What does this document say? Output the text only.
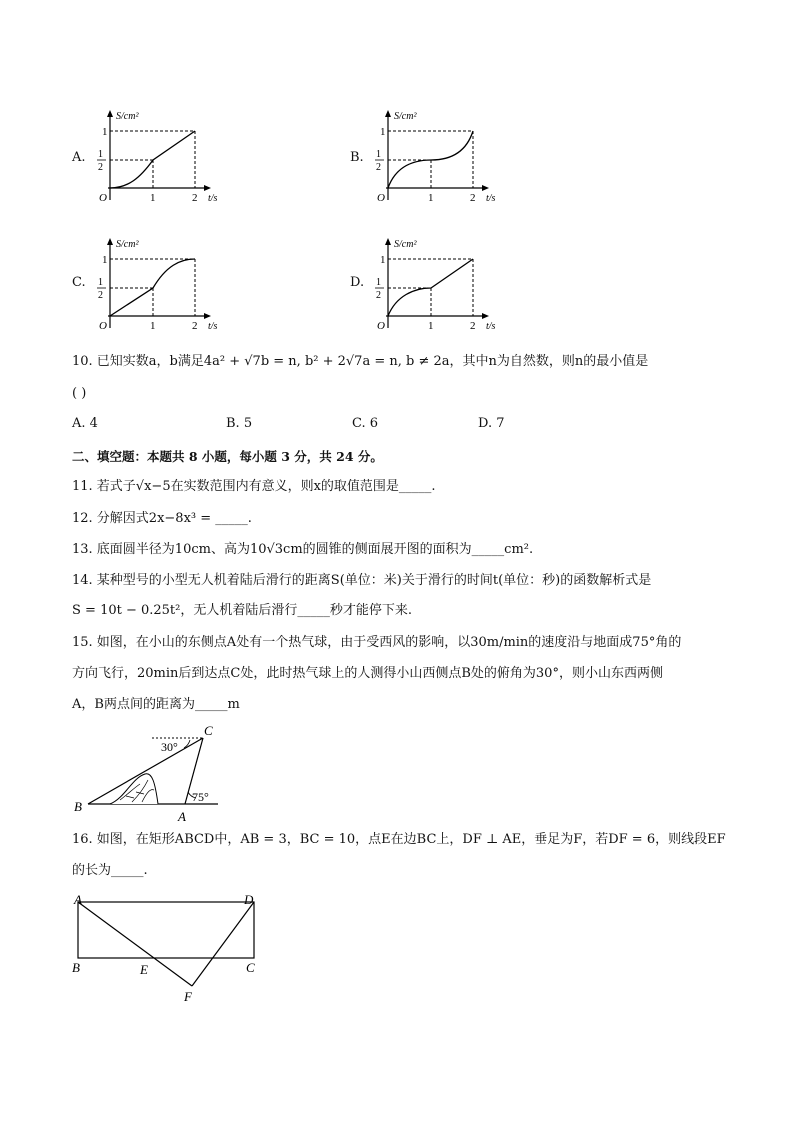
A.
S/cm²
1
1
2
O	1	2 t/s
B.
S/cm²
1
1
2
O	1	2 t/s
C.
S/cm²
1
1
2
O	1	2 t/s
D.
S/cm²
1
1
2
O	1	2 t/s
10. 已知实数a，b满足4a² + √7b = n, b² + 2√7a = n, b ≠ 2a，其中n为自然数，则n的最小值是
( )
A. 4	B. 5	C. 6	D. 7
二、填空题：本题共 8 小题，每小题 3 分，共 24 分。
11. 若式子√x−5在实数范围内有意义，则x的取值范围是_____.
12. 分解因式2x−8x³ = _____.
13. 底面圆半径为10cm、高为10√3cm的圆锥的侧面展开图的面积为_____cm².
14. 某种型号的小型无人机着陆后滑行的距离S(单位：米)关于滑行的时间t(单位：秒)的函数解析式是
S = 10t − 0.25t²，无人机着陆后滑行_____秒才能停下来.
15. 如图，在小山的东侧点A处有一个热气球，由于受西风的影响，以30m/min的速度沿与地面成75°角的
方向飞行，20min后到达点C处，此时热气球上的人测得小山西侧点B处的俯角为30°，则小山东西两侧
A，B两点间的距离为_____m
C
B
A
30°
75°
16. 如图，在矩形ABCD中，AB = 3，BC = 10，点E在边BC上，DF ⊥ AE，垂足为F，若DF = 6，则线段EF
的长为_____.
A	D
B	E	C
F
